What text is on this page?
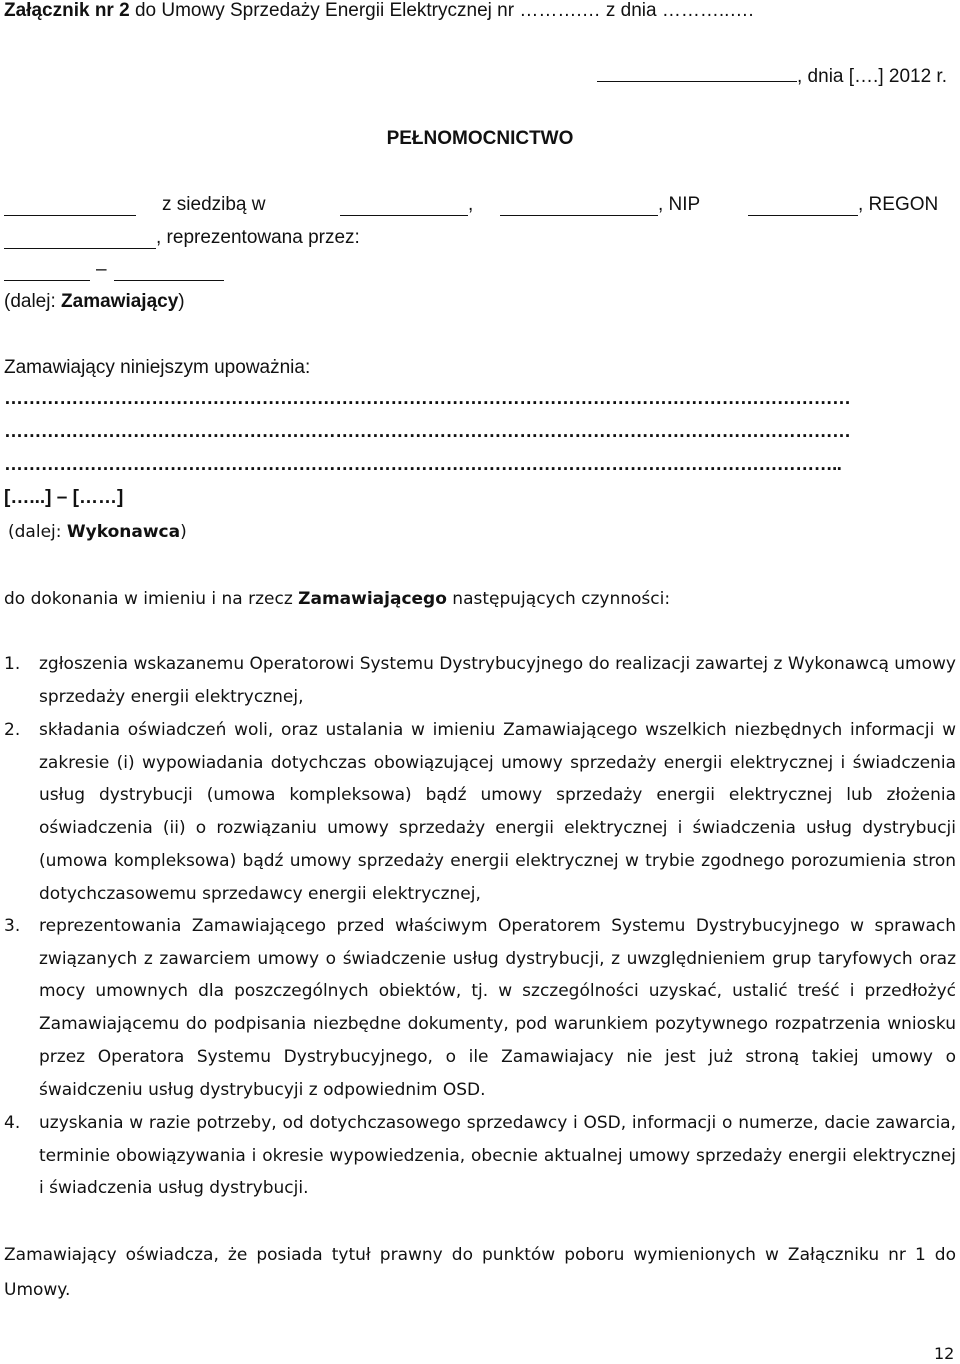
Załącznik nr 2 do Umowy Sprzedaży Energii Elektrycznej nr ……….… z dnia ………..….
, dnia [….] 2012 r.
PEŁNOMOCNICTWO
z siedzibą w	,	, NIP	, REGON
, reprezentowana przez:
–
(dalej: Zamawiający)
Zamawiający niniejszym upoważnia:
…………………………………………………………………………………………………………………………
…………………………………………………………………………………………………………………………
………………………………………………………………………………………………………………………..
[…...] – [……]
(dalej: Wykonawca)
do dokonania w imieniu i na rzecz Zamawiającego następujących czynności:
1. zgłoszenia wskazanemu Operatorowi Systemu Dystrybucyjnego do realizacji zawartej z Wykonawcą umowy sprzedaży energii elektrycznej,
2. składania oświadczeń woli, oraz ustalania w imieniu Zamawiającego wszelkich niezbędnych informacji w zakresie (i) wypowiadania dotychczas obowiązującej umowy sprzedaży energii elektrycznej i świadczenia usług dystrybucji (umowa kompleksowa) bądź umowy sprzedaży energii elektrycznej lub złożenia oświadczenia (ii) o rozwiązaniu umowy sprzedaży energii elektrycznej i świadczenia usług dystrybucji (umowa kompleksowa) bądź umowy sprzedaży energii elektrycznej w trybie zgodnego porozumienia stron dotychczasowemu sprzedawcy energii elektrycznej,
3. reprezentowania Zamawiającego przed właściwym Operatorem Systemu Dystrybucyjnego w sprawach związanych z zawarciem umowy o świadczenie usług dystrybucji, z uwzględnieniem grup taryfowych oraz mocy umownych dla poszczególnych obiektów, tj. w szczególności uzyskać, ustalić treść i przedłożyć Zamawiającemu do podpisania niezbędne dokumenty, pod warunkiem pozytywnego rozpatrzenia wniosku przez Operatora Systemu Dystrybucyjnego, o ile Zamawiajacy nie jest już stroną takiej umowy o śwaidczeniu usług dystrybucyji z odpowiednim OSD.
4. uzyskania w razie potrzeby, od dotychczasowego sprzedawcy i OSD, informacji o numerze, dacie zawarcia, terminie obowiązywania i okresie wypowiedzenia, obecnie aktualnej umowy sprzedaży energii elektrycznej i świadczenia usług dystrybucji.
Zamawiający oświadcza, że posiada tytuł prawny do punktów poboru wymienionych w Załączniku nr 1 do Umowy.
12
